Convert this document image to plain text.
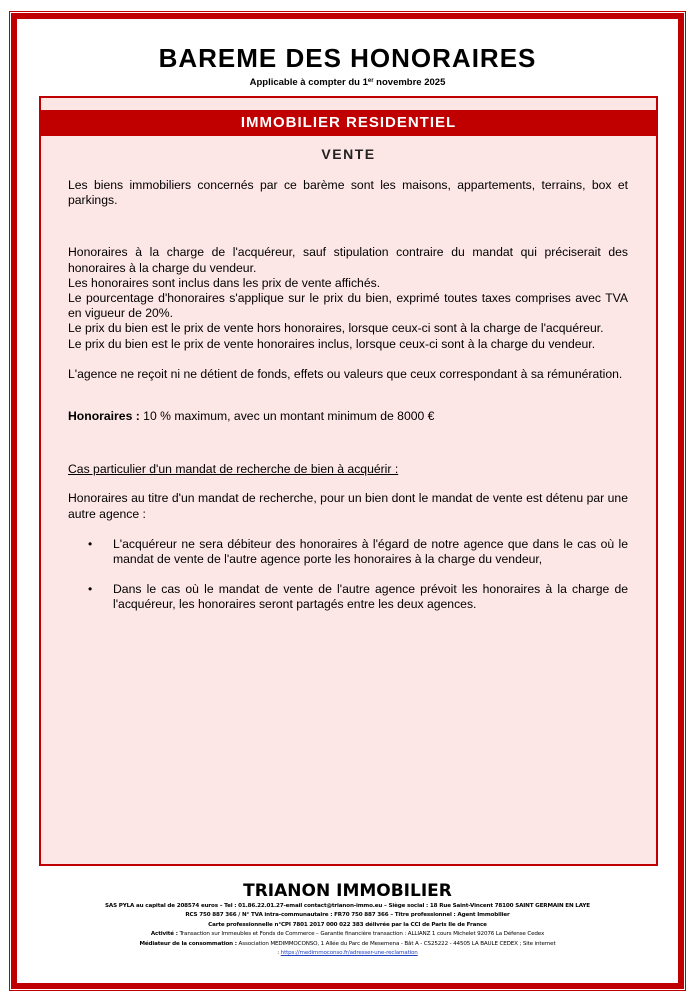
BAREME DES HONORAIRES

Applicable à compter du 1er novembre 2025

IMMOBILIER RESIDENTIEL
VENTE

Les biens immobiliers concernés par ce barème sont les maisons, appartements, terrains, box et parkings.

Honoraires à la charge de l'acquéreur, sauf stipulation contraire du mandat qui préciserait des honoraires à la charge du vendeur.

Les honoraires sont inclus dans les prix de vente affichés.

Le pourcentage d'honoraires s'applique sur le prix du bien, exprimé toutes taxes comprises avec TVA en vigueur de 20%.

Le prix du bien est le prix de vente hors honoraires, lorsque ceux-ci sont à la charge de l'acquéreur.

Le prix du bien est le prix de vente honoraires inclus, lorsque ceux-ci sont à la charge du vendeur.

L'agence ne reçoit ni ne détient de fonds, effets ou valeurs que ceux correspondant à sa rémunération.

Honoraires : 10 % maximum, avec un montant minimum de 8000 €

Cas particulier d'un mandat de recherche de bien à acquérir :

Honoraires au titre d'un mandat de recherche, pour un bien dont le mandat de vente est détenu par une autre agence :

• L'acquéreur ne sera débiteur des honoraires à l'égard de notre agence que dans le cas où le mandat de vente de l'autre agence porte les honoraires à la charge du vendeur,
• Dans le cas où le mandat de vente de l'autre agence prévoit les honoraires à la charge de l'acquéreur, les honoraires seront partagés entre les deux agences.

TRIANON IMMOBILIER

SAS PYLA au capital de 208574 euros – Tel : 01.86.22.01.27-email contact@trianon-immo.eu – Siège social : 18 Rue Saint-Vincent 78100 SAINT GERMAIN EN LAYE

RCS 750 887 366 / N° TVA intra-communautaire : FR70 750 887 366 – Titre professionnel : Agent Immobilier

Carte professionnelle n°CPI 7801 2017 000 022 383 délivrée par la CCI de Paris Ile de France

Activité : Transaction sur Immeubles et Fonds de Commerce – Garantie financière transaction : ALLIANZ 1 cours Michelet 92076 La Défense Cedex

Médiateur de la consommation : Association MEDIMMOCONSO, 1 Allée du Parc de Mesemena - Bât A - CS25222 - 44505 LA BAULE CEDEX ; Site internet

: https://medimmoconso.fr/adresser-une-reclamation
